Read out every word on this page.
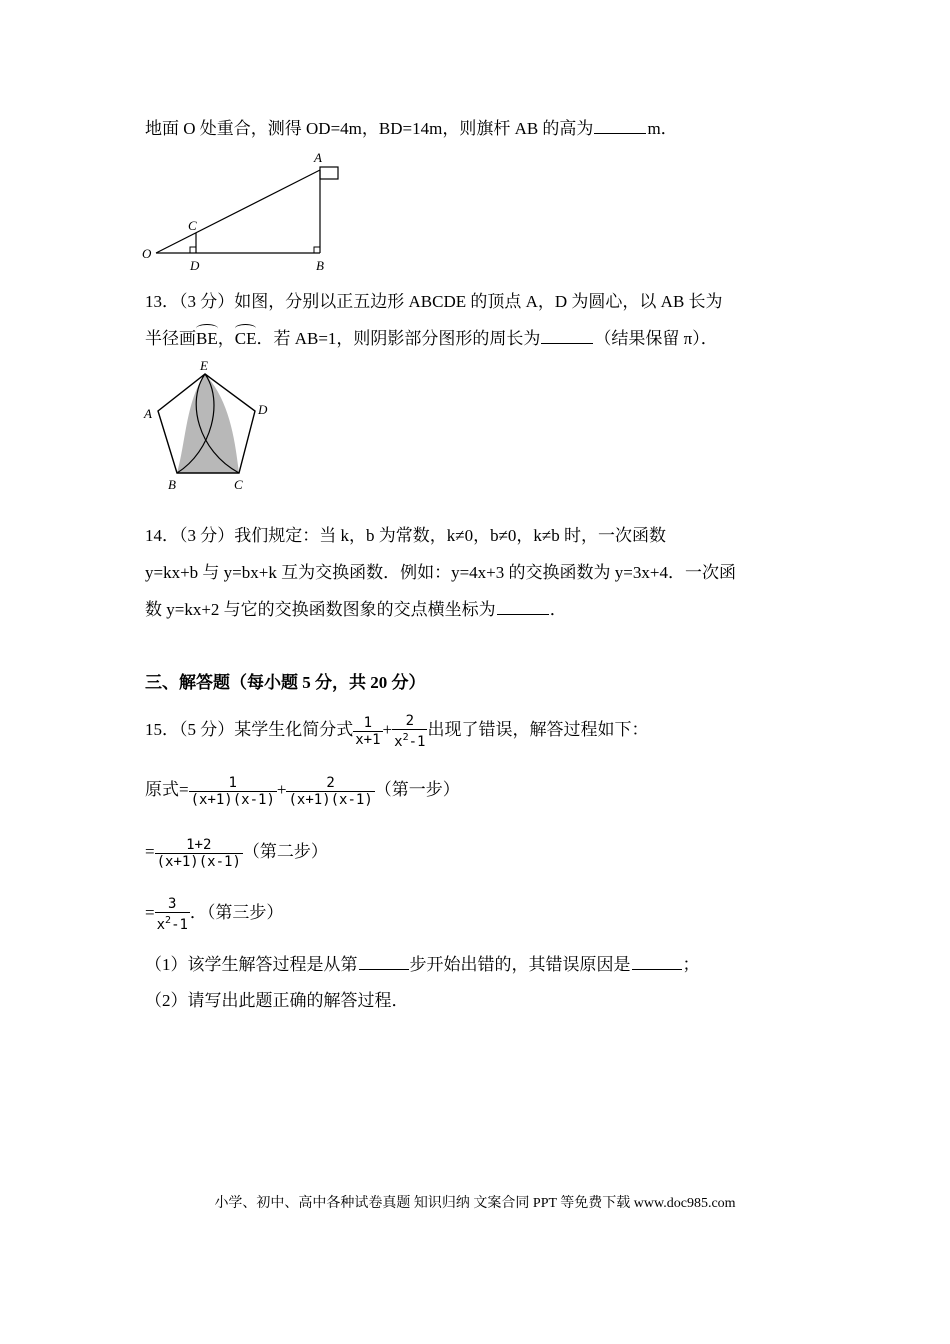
地面 O 处重合，测得 OD=4m，BD=14m，则旗杆 AB 的高为	m．
A
C
O
D	B
13．（3 分）如图，分别以正五边形 ABCDE 的顶点 A，D 为圆心，以 AB 长为
半径画BE，CE．若 AB=1，则阴影部分图形的周长为	（结果保留 π）．
E
A	D
B	C
14．（3 分）我们规定：当 k，b 为常数，k≠0，b≠0，k≠b 时，一次函数
y=kx+b 与 y=bx+k 互为交换函数．例如：y=4x+3 的交换函数为 y=3x+4．一次函
数 y=kx+2 与它的交换函数图象的交点横坐标为	．
三、解答题（每小题 5 分，共 20 分）
15．（5 分）某学生化简分式 $\frac{1}{x+1} + \frac{2}{x^2-1}$ 出现了错误，解答过程如下：
原式= $\frac{1}{(x+1)(x-1)} + \frac{2}{(x+1)(x-1)}$ （第一步）
= $\frac{1+2}{(x+1)(x-1)}$ （第二步）
= $\frac{3}{x^2-1}$ ．（第三步）
（1）该学生解答过程是从第	步开始出错的，其错误原因是	；
（2）请写出此题正确的解答过程．
小学、初中、高中各种试卷真题 知识归纳 文案合同 PPT 等免费下载 www.doc985.com
